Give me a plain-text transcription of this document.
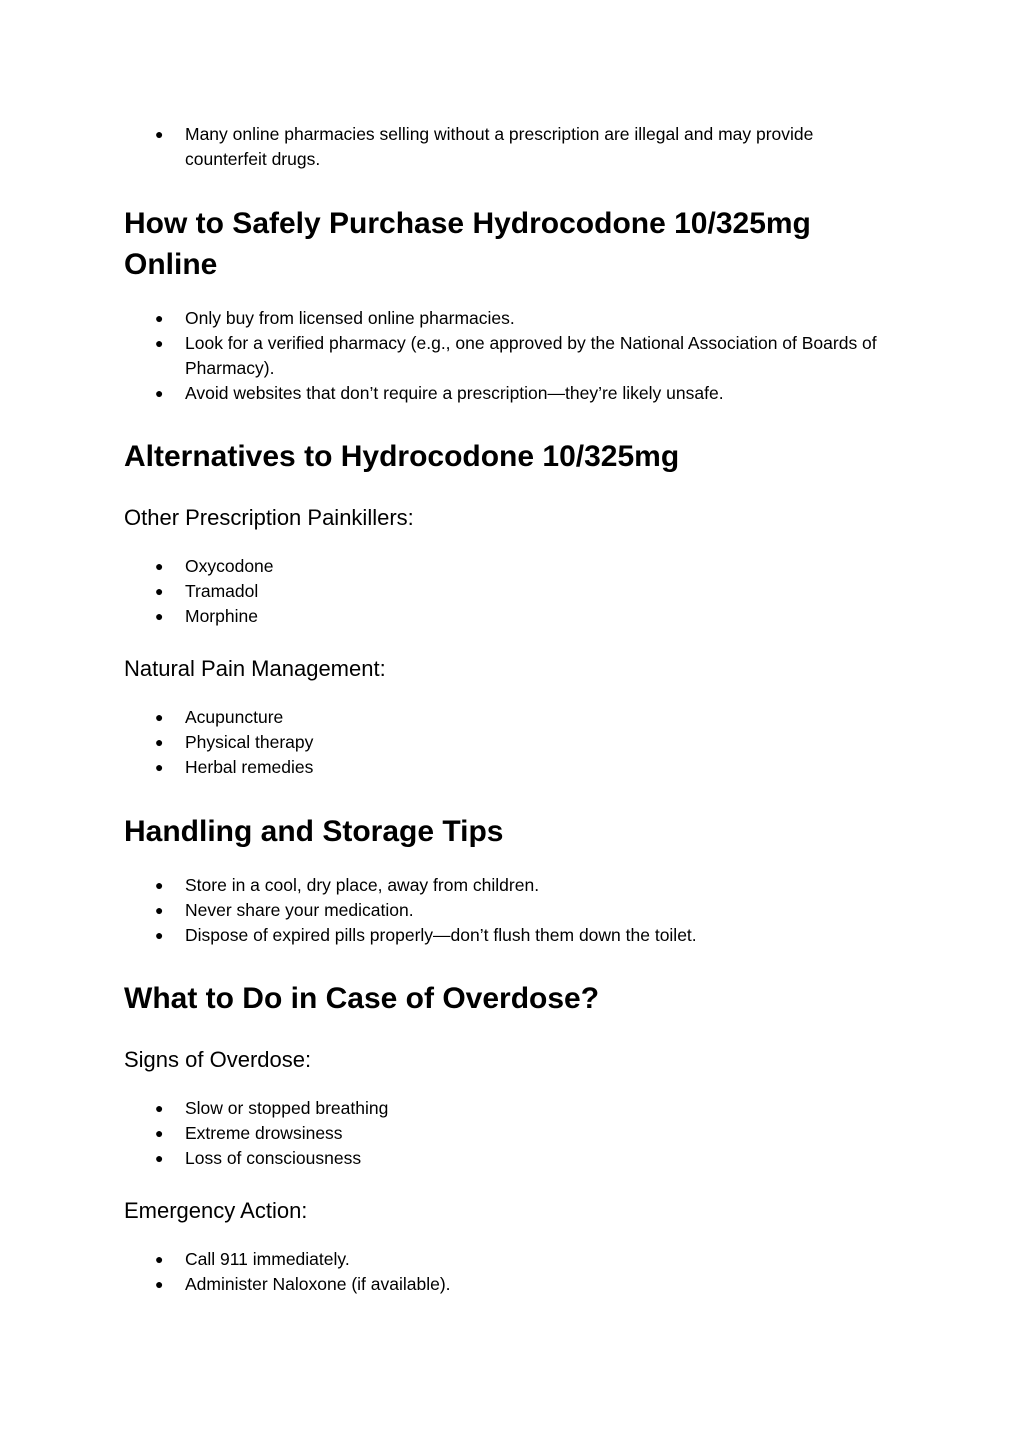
● Many online pharmacies selling without a prescription are illegal and may provide counterfeit drugs.
How to Safely Purchase Hydrocodone 10/325mg Online
● Only buy from licensed online pharmacies.
● Look for a verified pharmacy (e.g., one approved by the National Association of Boards of Pharmacy).
● Avoid websites that don’t require a prescription—they’re likely unsafe.
Alternatives to Hydrocodone 10/325mg
Other Prescription Painkillers:
● Oxycodone
● Tramadol
● Morphine
Natural Pain Management:
● Acupuncture
● Physical therapy
● Herbal remedies
Handling and Storage Tips
● Store in a cool, dry place, away from children.
● Never share your medication.
● Dispose of expired pills properly—don’t flush them down the toilet.
What to Do in Case of Overdose?
Signs of Overdose:
● Slow or stopped breathing
● Extreme drowsiness
● Loss of consciousness
Emergency Action:
● Call 911 immediately.
● Administer Naloxone (if available).
